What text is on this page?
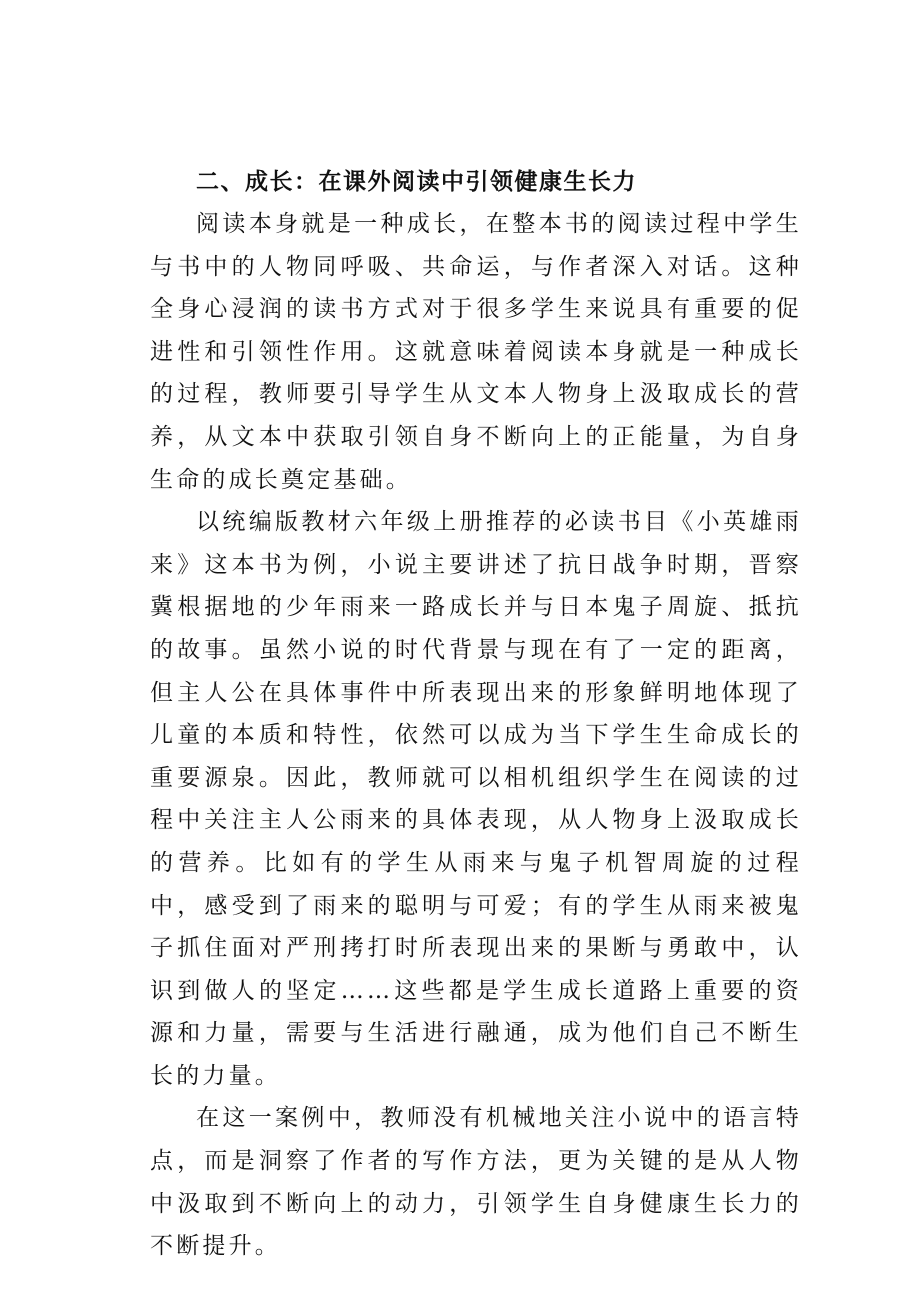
二、成长：在课外阅读中引领健康生长力

阅读本身就是一种成长，在整本书的阅读过程中学生与书中的人物同呼吸、共命运，与作者深入对话。这种全身心浸润的读书方式对于很多学生来说具有重要的促进性和引领性作用。这就意味着阅读本身就是一种成长的过程，教师要引导学生从文本人物身上汲取成长的营养，从文本中获取引领自身不断向上的正能量，为自身生命的成长奠定基础。

以统编版教材六年级上册推荐的必读书目《小英雄雨来》这本书为例，小说主要讲述了抗日战争时期，晋察冀根据地的少年雨来一路成长并与日本鬼子周旋、抵抗的故事。虽然小说的时代背景与现在有了一定的距离，但主人公在具体事件中所表现出来的形象鲜明地体现了儿童的本质和特性，依然可以成为当下学生生命成长的重要源泉。因此，教师就可以相机组织学生在阅读的过程中关注主人公雨来的具体表现，从人物身上汲取成长的营养。比如有的学生从雨来与鬼子机智周旋的过程中，感受到了雨来的聪明与可爱；有的学生从雨来被鬼子抓住面对严刑拷打时所表现出来的果断与勇敢中，认识到做人的坚定……这些都是学生成长道路上重要的资源和力量，需要与生活进行融通，成为他们自己不断生长的力量。

在这一案例中，教师没有机械地关注小说中的语言特点，而是洞察了作者的写作方法，更为关键的是从人物中汲取到不断向上的动力，引领学生自身健康生长力的不断提升。
